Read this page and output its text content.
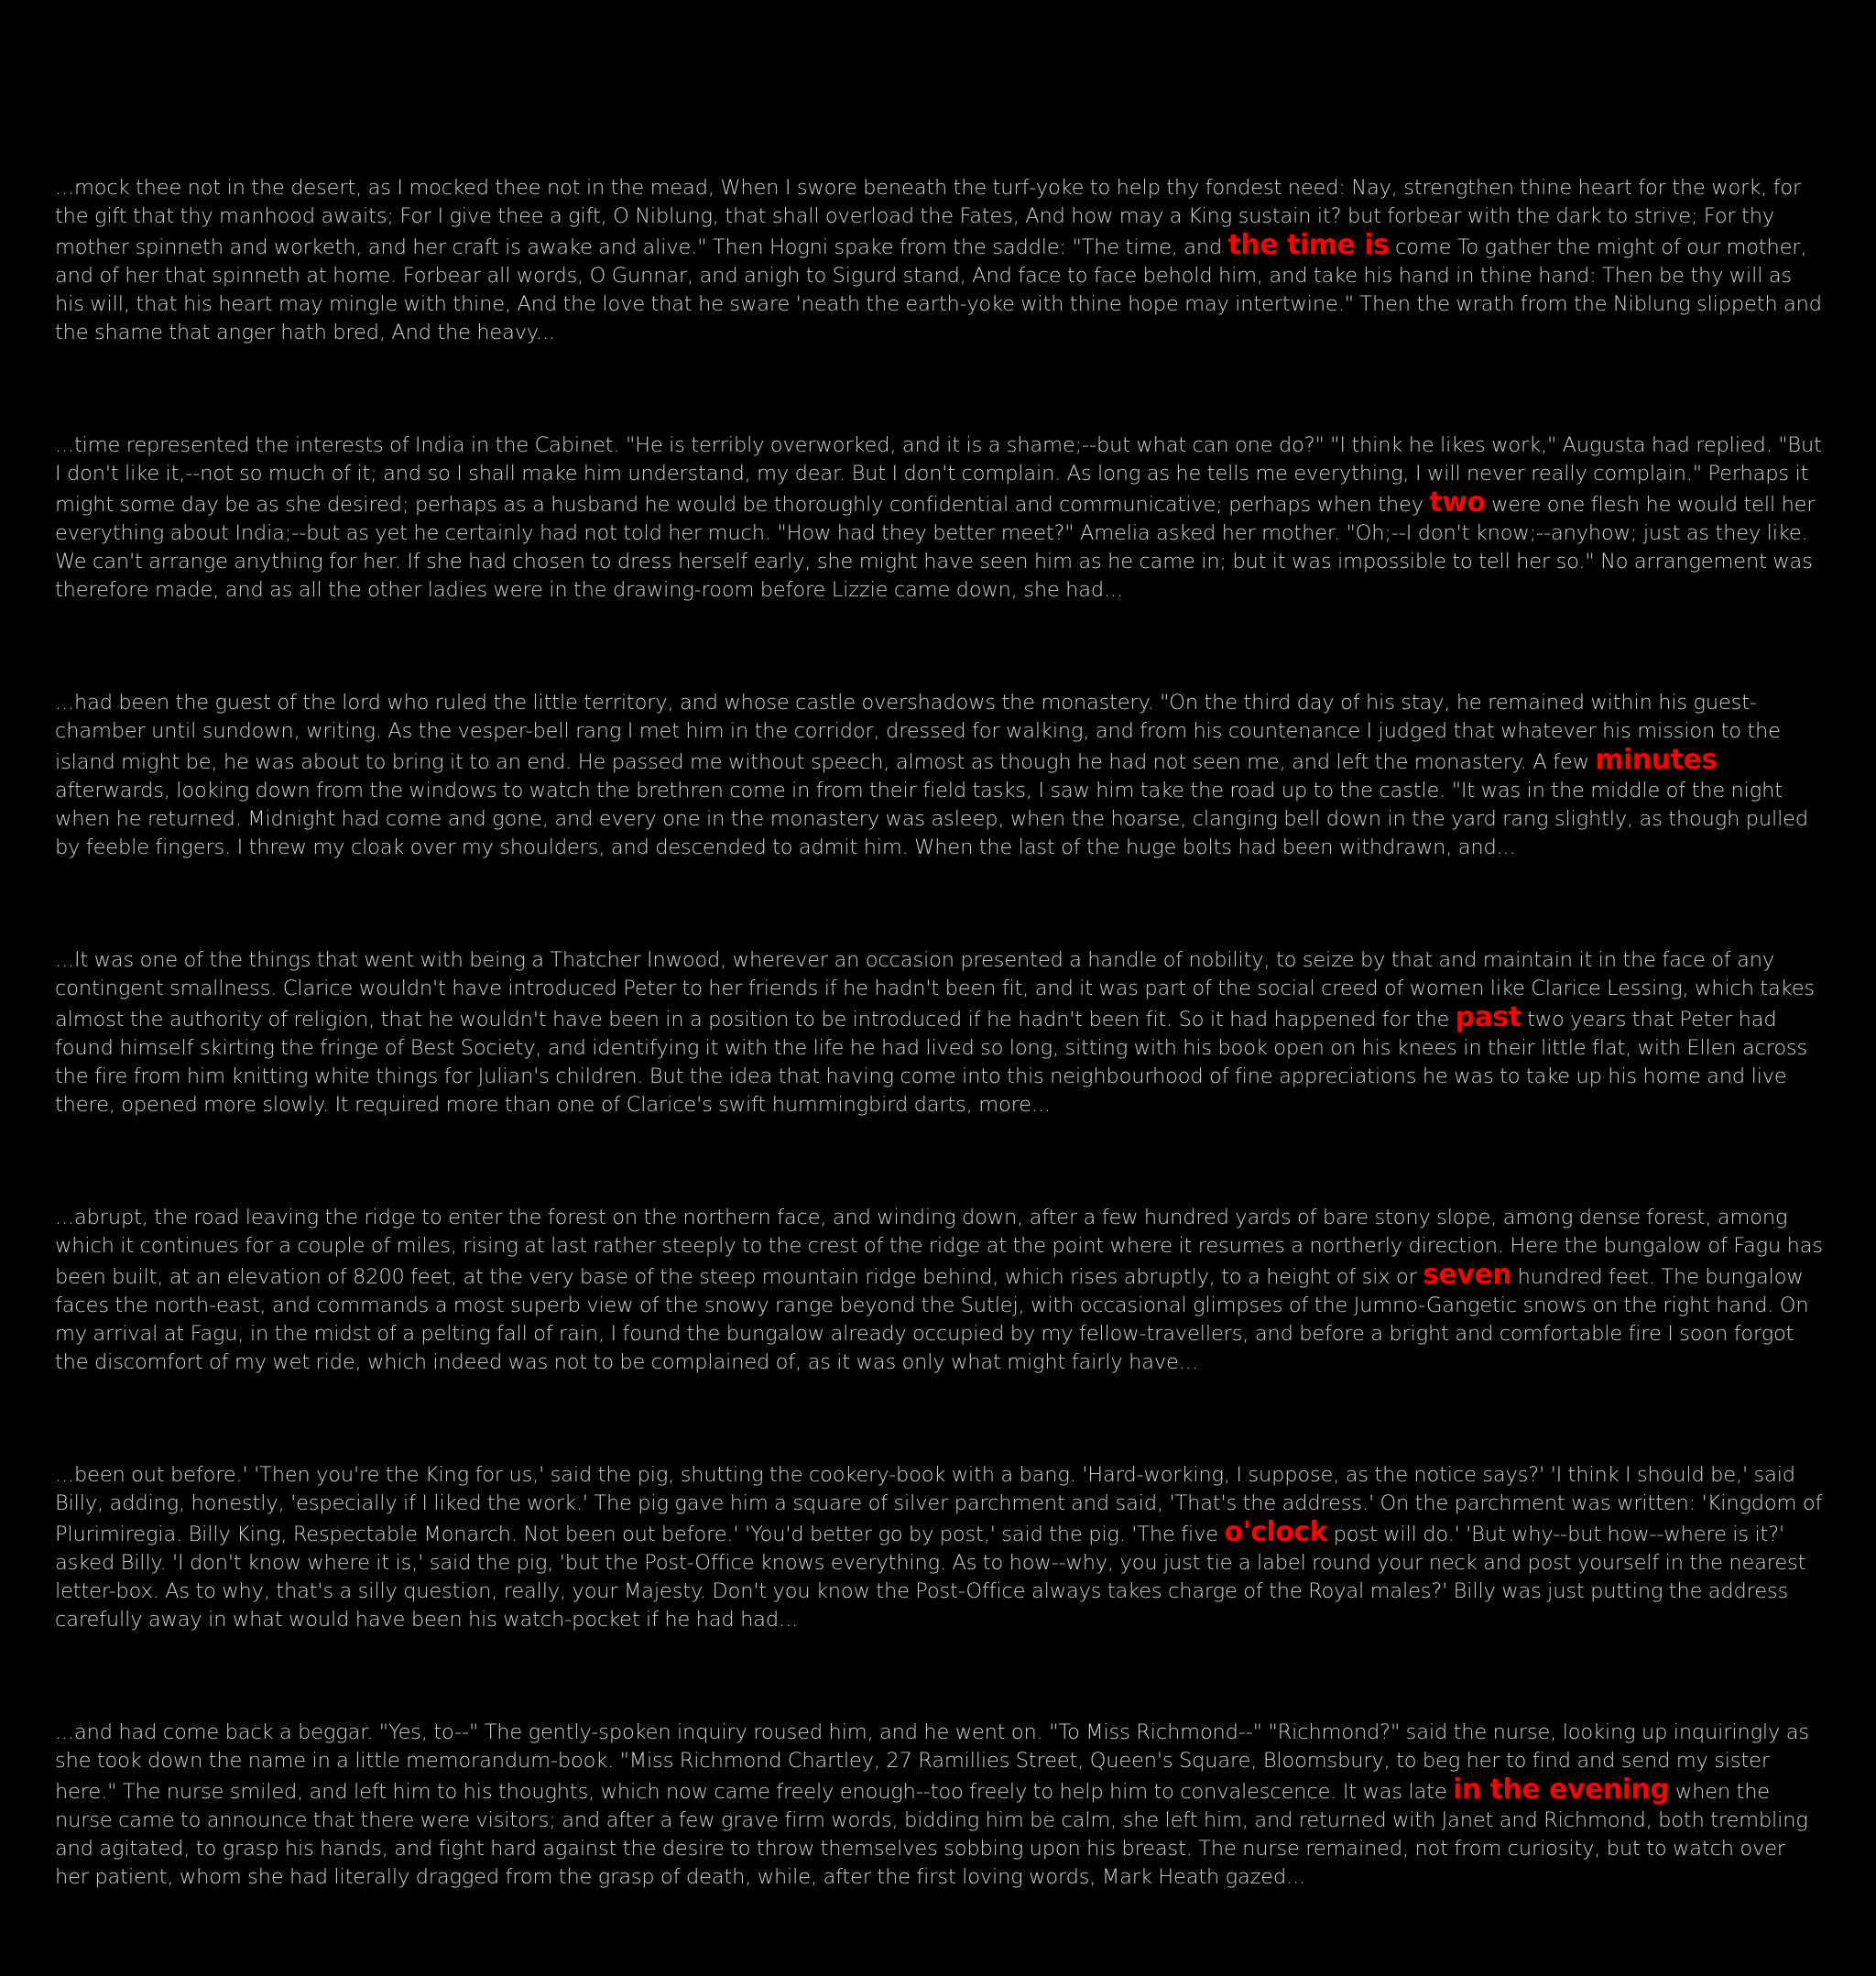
...mock thee not in the desert, as I mocked thee not in the mead, When I swore beneath the turf-yoke to help thy fondest need: Nay, strengthen thine heart for the work, for the gift that thy manhood awaits; For I give thee a gift, O Niblung, that shall overload the Fates, And how may a King sustain it? but forbear with the dark to strive; For thy mother spinneth and worketh, and her craft is awake and alive." Then Hogni spake from the saddle: "The time, and the time is come To gather the might of our mother, and of her that spinneth at home. Forbear all words, O Gunnar, and anigh to Sigurd stand, And face to face behold him, and take his hand in thine hand: Then be thy will as his will, that his heart may mingle with thine, And the love that he sware 'neath the earth-yoke with thine hope may intertwine." Then the wrath from the Niblung slippeth and the shame that anger hath bred, And the heavy...

...time represented the interests of India in the Cabinet. "He is terribly overworked, and it is a shame;--but what can one do?" "I think he likes work," Augusta had replied. "But I don't like it,--not so much of it; and so I shall make him understand, my dear. But I don't complain. As long as he tells me everything, I will never really complain." Perhaps it might some day be as she desired; perhaps as a husband he would be thoroughly confidential and communicative; perhaps when they two were one flesh he would tell her everything about India;--but as yet he certainly had not told her much. "How had they better meet?" Amelia asked her mother. "Oh;--I don't know;--anyhow; just as they like. We can't arrange anything for her. If she had chosen to dress herself early, she might have seen him as he came in; but it was impossible to tell her so." No arrangement was therefore made, and as all the other ladies were in the drawing-room before Lizzie came down, she had...

...had been the guest of the lord who ruled the little territory, and whose castle overshadows the monastery. "On the third day of his stay, he remained within his guest-chamber until sundown, writing. As the vesper-bell rang I met him in the corridor, dressed for walking, and from his countenance I judged that whatever his mission to the island might be, he was about to bring it to an end. He passed me without speech, almost as though he had not seen me, and left the monastery. A few minutes afterwards, looking down from the windows to watch the brethren come in from their field tasks, I saw him take the road up to the castle. "It was in the middle of the night when he returned. Midnight had come and gone, and every one in the monastery was asleep, when the hoarse, clanging bell down in the yard rang slightly, as though pulled by feeble fingers. I threw my cloak over my shoulders, and descended to admit him. When the last of the huge bolts had been withdrawn, and...

...It was one of the things that went with being a Thatcher Inwood, wherever an occasion presented a handle of nobility, to seize by that and maintain it in the face of any contingent smallness. Clarice wouldn't have introduced Peter to her friends if he hadn't been fit, and it was part of the social creed of women like Clarice Lessing, which takes almost the authority of religion, that he wouldn't have been in a position to be introduced if he hadn't been fit. So it had happened for the past two years that Peter had found himself skirting the fringe of Best Society, and identifying it with the life he had lived so long, sitting with his book open on his knees in their little flat, with Ellen across the fire from him knitting white things for Julian's children. But the idea that having come into this neighbourhood of fine appreciations he was to take up his home and live there, opened more slowly. It required more than one of Clarice's swift hummingbird darts, more...

...abrupt, the road leaving the ridge to enter the forest on the northern face, and winding down, after a few hundred yards of bare stony slope, among dense forest, among which it continues for a couple of miles, rising at last rather steeply to the crest of the ridge at the point where it resumes a northerly direction. Here the bungalow of Fagu has been built, at an elevation of 8200 feet, at the very base of the steep mountain ridge behind, which rises abruptly, to a height of six or seven hundred feet. The bungalow faces the north-east, and commands a most superb view of the snowy range beyond the Sutlej, with occasional glimpses of the Jumno-Gangetic snows on the right hand. On my arrival at Fagu, in the midst of a pelting fall of rain, I found the bungalow already occupied by my fellow-travellers, and before a bright and comfortable fire I soon forgot the discomfort of my wet ride, which indeed was not to be complained of, as it was only what might fairly have...

...been out before.' 'Then you're the King for us,' said the pig, shutting the cookery-book with a bang. 'Hard-working, I suppose, as the notice says?' 'I think I should be,' said Billy, adding, honestly, 'especially if I liked the work.' The pig gave him a square of silver parchment and said, 'That's the address.' On the parchment was written: 'Kingdom of Plurimiregia. Billy King, Respectable Monarch. Not been out before.' 'You'd better go by post,' said the pig. 'The five o'clock post will do.' 'But why--but how--where is it?' asked Billy. 'I don't know where it is,' said the pig, 'but the Post-Office knows everything. As to how--why, you just tie a label round your neck and post yourself in the nearest letter-box. As to why, that's a silly question, really, your Majesty. Don't you know the Post-Office always takes charge of the Royal males?' Billy was just putting the address carefully away in what would have been his watch-pocket if he had had...

...and had come back a beggar. "Yes, to--" The gently-spoken inquiry roused him, and he went on. "To Miss Richmond--" "Richmond?" said the nurse, looking up inquiringly as she took down the name in a little memorandum-book. "Miss Richmond Chartley, 27 Ramillies Street, Queen's Square, Bloomsbury, to beg her to find and send my sister here." The nurse smiled, and left him to his thoughts, which now came freely enough--too freely to help him to convalescence. It was late in the evening when the nurse came to announce that there were visitors; and after a few grave firm words, bidding him be calm, she left him, and returned with Janet and Richmond, both trembling and agitated, to grasp his hands, and fight hard against the desire to throw themselves sobbing upon his breast. The nurse remained, not from curiosity, but to watch over her patient, whom she had literally dragged from the grasp of death, while, after the first loving words, Mark Heath gazed...
